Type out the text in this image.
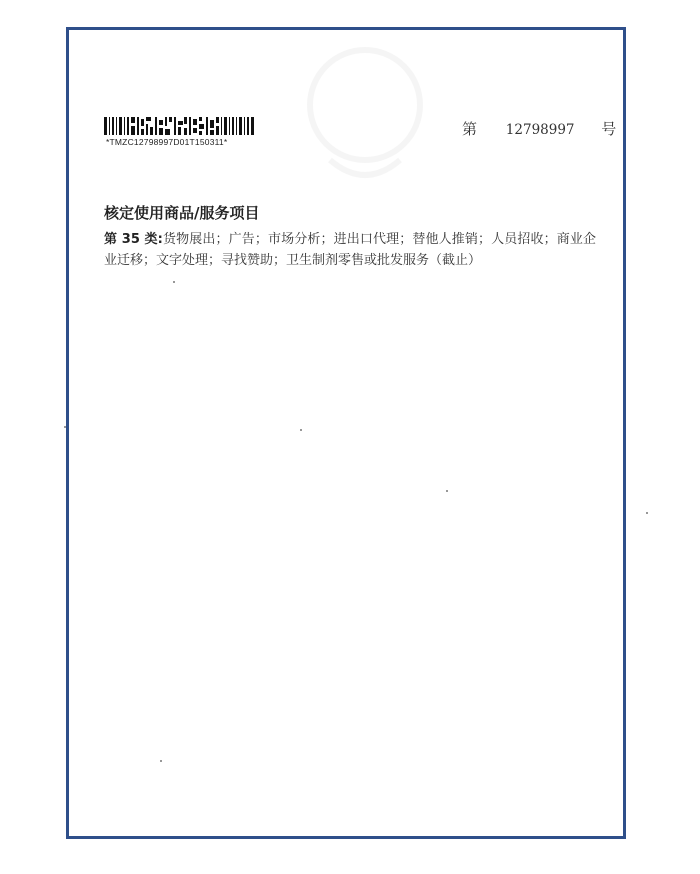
*TMZC12798997D01T150311*
第 12798997 号
核定使用商品/服务项目
第 35 类:货物展出；广告；市场分析；进出口代理；替他人推销；人员招收；商业企业迁移；文字处理；寻找赞助；卫生制剂零售或批发服务（截止）
